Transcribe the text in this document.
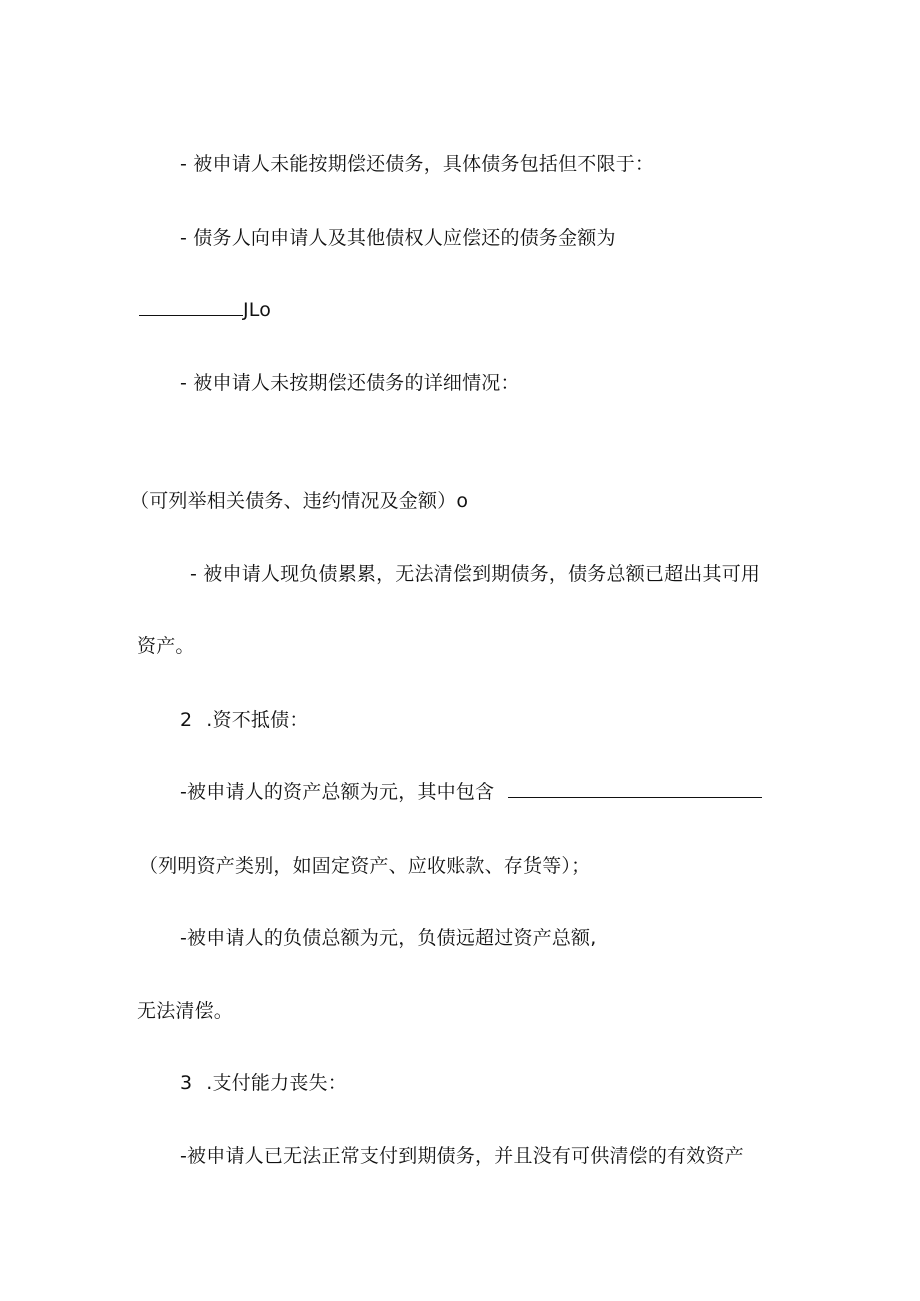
- 被申请人未能按期偿还债务，具体债务包括但不限于：
- 债务人向申请人及其他债权人应偿还的债务金额为
JLo
- 被申请人未按期偿还债务的详细情况：
（可列举相关债务、违约情况及金额）o
- 被申请人现负债累累，无法清偿到期债务，债务总额已超出其可用
资产。
2 .资不抵债：
-被申请人的资产总额为元，其中包含
（列明资产类别，如固定资产、应收账款、存货等）；
-被申请人的负债总额为元，负债远超过资产总额,
无法清偿。
3 .支付能力丧失：
-被申请人已无法正常支付到期债务，并且没有可供清偿的有效资产
